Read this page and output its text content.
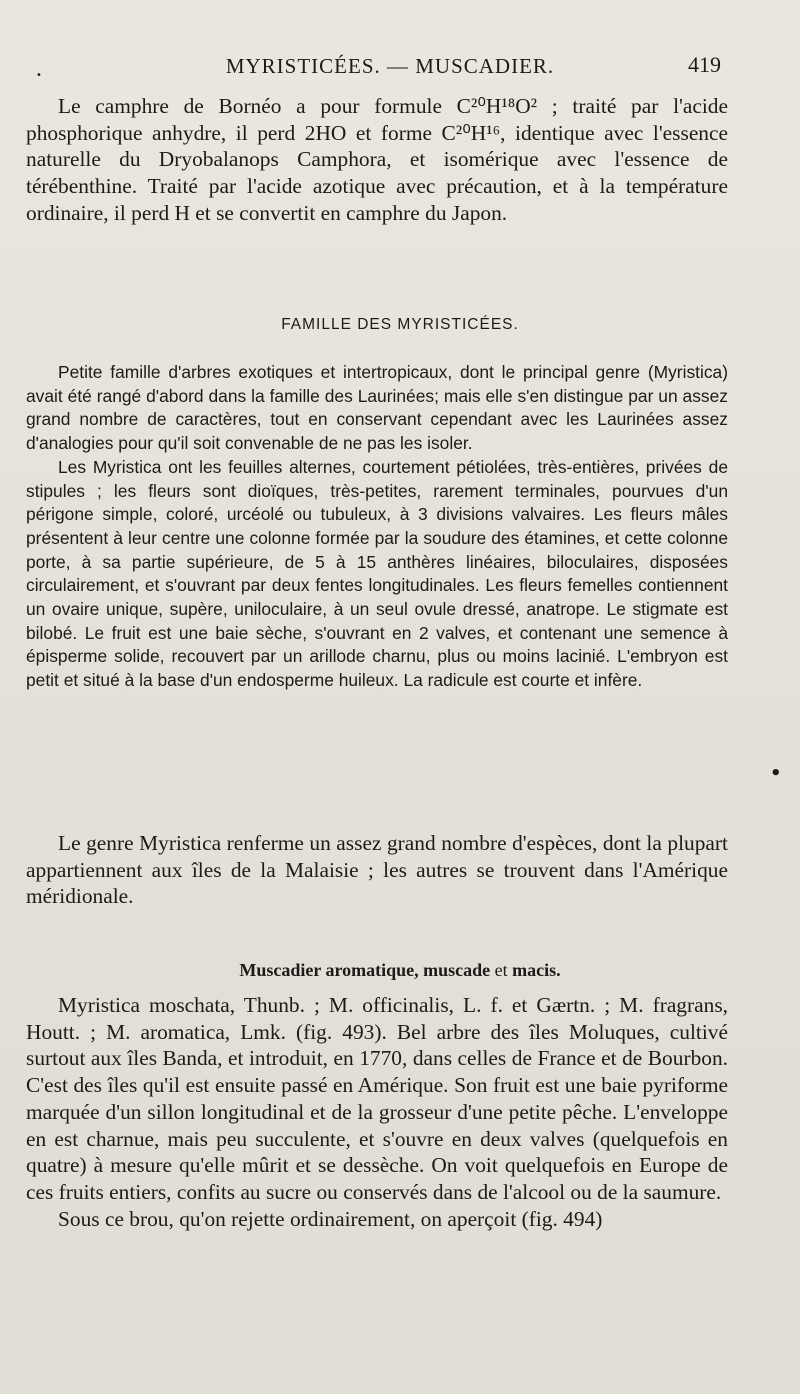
MYRISTICÉES. — MUSCADIER.	419
•

Le camphre de Bornéo a pour formule C²⁰H¹⁸O² ; traité par l'acide phosphorique anhydre, il perd 2HO et forme C²⁰H¹⁶, identique avec l'essence naturelle du Dryobalanops Camphora, et isomérique avec l'essence de térébenthine. Traité par l'acide azotique avec précaution, et à la température ordinaire, il perd H et se convertit en camphre du Japon.

FAMILLE DES MYRISTICÉES.

Petite famille d'arbres exotiques et intertropicaux, dont le principal genre (Myristica) avait été rangé d'abord dans la famille des Laurinées; mais elle s'en distingue par un assez grand nombre de caractères, tout en conservant cependant avec les Laurinées assez d'analogies pour qu'il soit convenable de ne pas les isoler.

Les Myristica ont les feuilles alternes, courtement pétiolées, très-entières, privées de stipules ; les fleurs sont dioïques, très-petites, rarement terminales, pourvues d'un périgone simple, coloré, urcéolé ou tubuleux, à 3 divisions valvaires. Les fleurs mâles présentent à leur centre une colonne formée par la soudure des étamines, et cette colonne porte, à sa partie supérieure, de 5 à 15 anthères linéaires, biloculaires, disposées circulairement, et s'ouvrant par deux fentes longitudinales. Les fleurs femelles contiennent un ovaire unique, supère, uniloculaire, à un seul ovule dressé, anatrope. Le stigmate est bilobé. Le fruit est une baie sèche, s'ouvrant en 2 valves, et contenant une semence à épisperme solide, recouvert par un arillode charnu, plus ou moins lacinié. L'embryon est petit et situé à la base d'un endosperme huileux. La radicule est courte et infère.

•

Le genre Myristica renferme un assez grand nombre d'espèces, dont la plupart appartiennent aux îles de la Malaisie ; les autres se trouvent dans l'Amérique méridionale.

Muscadier aromatique, muscade et macis.

Myristica moschata, Thunb. ; M. officinalis, L. f. et Gærtn. ; M. fragrans, Houtt. ; M. aromatica, Lmk. (fig. 493). Bel arbre des îles Moluques, cultivé surtout aux îles Banda, et introduit, en 1770, dans celles de France et de Bourbon. C'est des îles qu'il est ensuite passé en Amérique. Son fruit est une baie pyriforme marquée d'un sillon longitudinal et de la grosseur d'une petite pêche. L'enveloppe en est charnue, mais peu succulente, et s'ouvre en deux valves (quelquefois en quatre) à mesure qu'elle mûrit et se dessèche. On voit quelquefois en Europe de ces fruits entiers, confits au sucre ou conservés dans de l'alcool ou de la saumure.

Sous ce brou, qu'on rejette ordinairement, on aperçoit (fig. 494)
